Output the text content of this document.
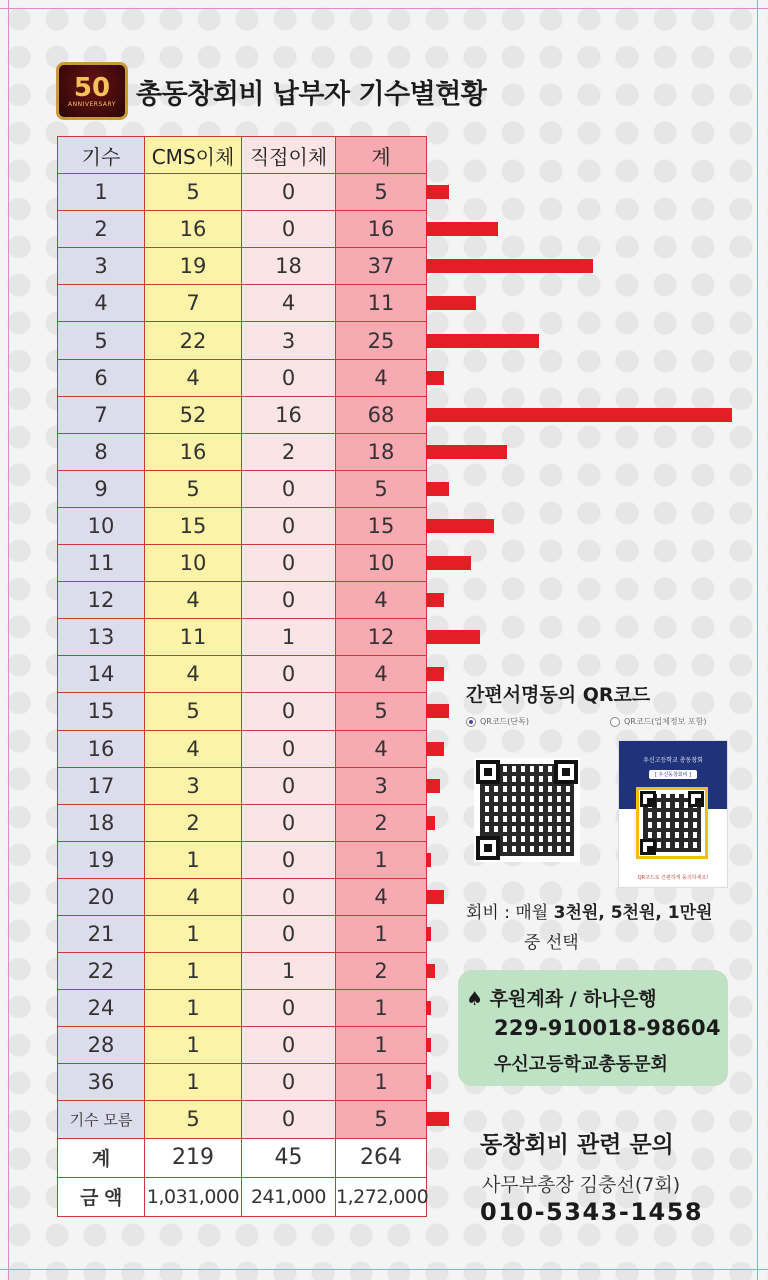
50
ANNIVERSARY 총동창회비 납부자 기수별현황
기수	CMS이체	직접이체	계
1	5	0	5
2	16	0	16
3	19	18	37
4	7	4	11
5	22	3	25
6	4	0	4
7	52	16	68
8	16	2	18
9	5	0	5
10	15	0	15
11	10	0	10
12	4	0	4
13	11	1	12
14	4	0	4
15	5	0	5
16	4	0	4
17	3	0	3
18	2	0	2
19	1	0	1
20	4	0	4
21	1	0	1
22	1	1	2
24	1	0	1
28	1	0	1
36	1	0	1
기수 모름	5	0	5
계	219	45	264
금 액	1,031,000	241,000	1,272,000
간편서명동의 QR코드
QR코드(단독)	QR코드(업체정보 포함)
우신고등학교 총동창회
[ 우신동창회비 ]
QR코드로 간편하게 동의하세요!
회비 : 매월 3천원, 5천원, 1만원
중 선택
♠ 후원계좌 / 하나은행
229-910018-98604
우신고등학교총동문회
동창회비 관련 문의
사무부총장 김충선(7회)
010-5343-1458
